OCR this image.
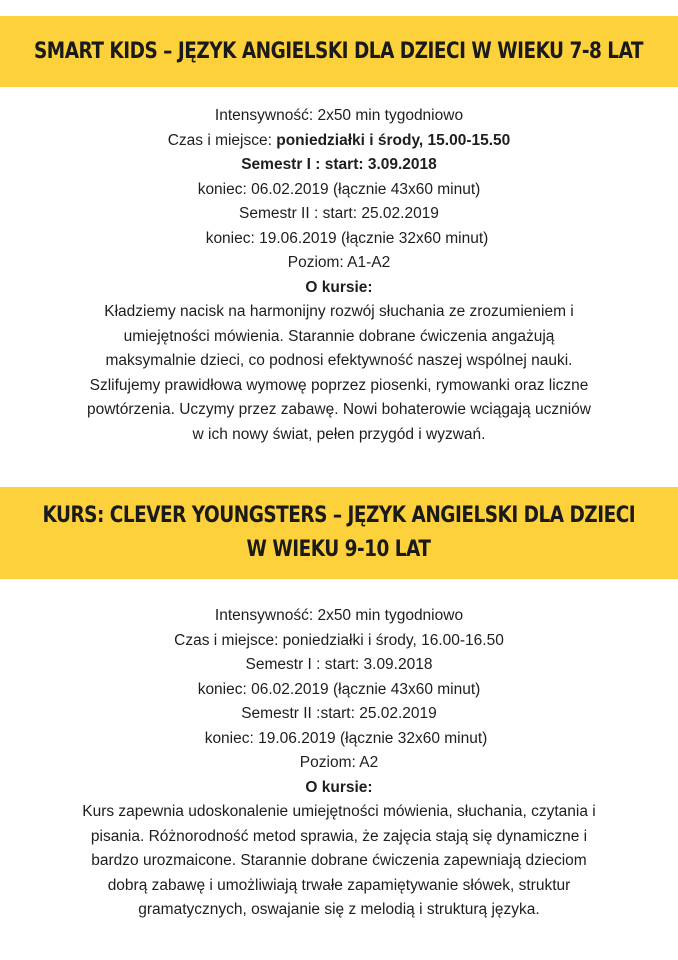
SMART KIDS – JĘZYK ANGIELSKI DLA DZIECI W WIEKU 7-8 LAT
Intensywność: 2x50 min tygodniowo
Czas i miejsce: poniedziałki i środy, 15.00-15.50
Semestr I : start: 3.09.2018
koniec: 06.02.2019 (łącznie 43x60 minut)
Semestr II : start: 25.02.2019
koniec: 19.06.2019 (łącznie 32x60 minut)
Poziom: A1-A2
O kursie:
Kładziemy nacisk na harmonijny rozwój słuchania ze zrozumieniem i
umiejętności mówienia. Starannie dobrane ćwiczenia angażują
maksymalnie dzieci, co podnosi efektywność naszej wspólnej nauki.
Szlifujemy prawidłowa wymowę poprzez piosenki, rymowanki oraz liczne
powtórzenia. Uczymy przez zabawę. Nowi bohaterowie wciągają uczniów
w ich nowy świat, pełen przygód i wyzwań.
KURS: CLEVER YOUNGSTERS – JĘZYK ANGIELSKI DLA DZIECI
W WIEKU 9-10 LAT
Intensywność: 2x50 min tygodniowo
Czas i miejsce: poniedziałki i środy, 16.00-16.50
Semestr I : start: 3.09.2018
koniec: 06.02.2019 (łącznie 43x60 minut)
Semestr II :start: 25.02.2019
koniec: 19.06.2019 (łącznie 32x60 minut)
Poziom: A2
O kursie:
Kurs zapewnia udoskonalenie umiejętności mówienia, słuchania, czytania i
pisania. Różnorodność metod sprawia, że zajęcia stają się dynamiczne i
bardzo urozmaicone. Starannie dobrane ćwiczenia zapewniają dzieciom
dobrą zabawę i umożliwiają trwałe zapamiętywanie słówek, struktur
gramatycznych, oswajanie się z melodią i strukturą języka.
